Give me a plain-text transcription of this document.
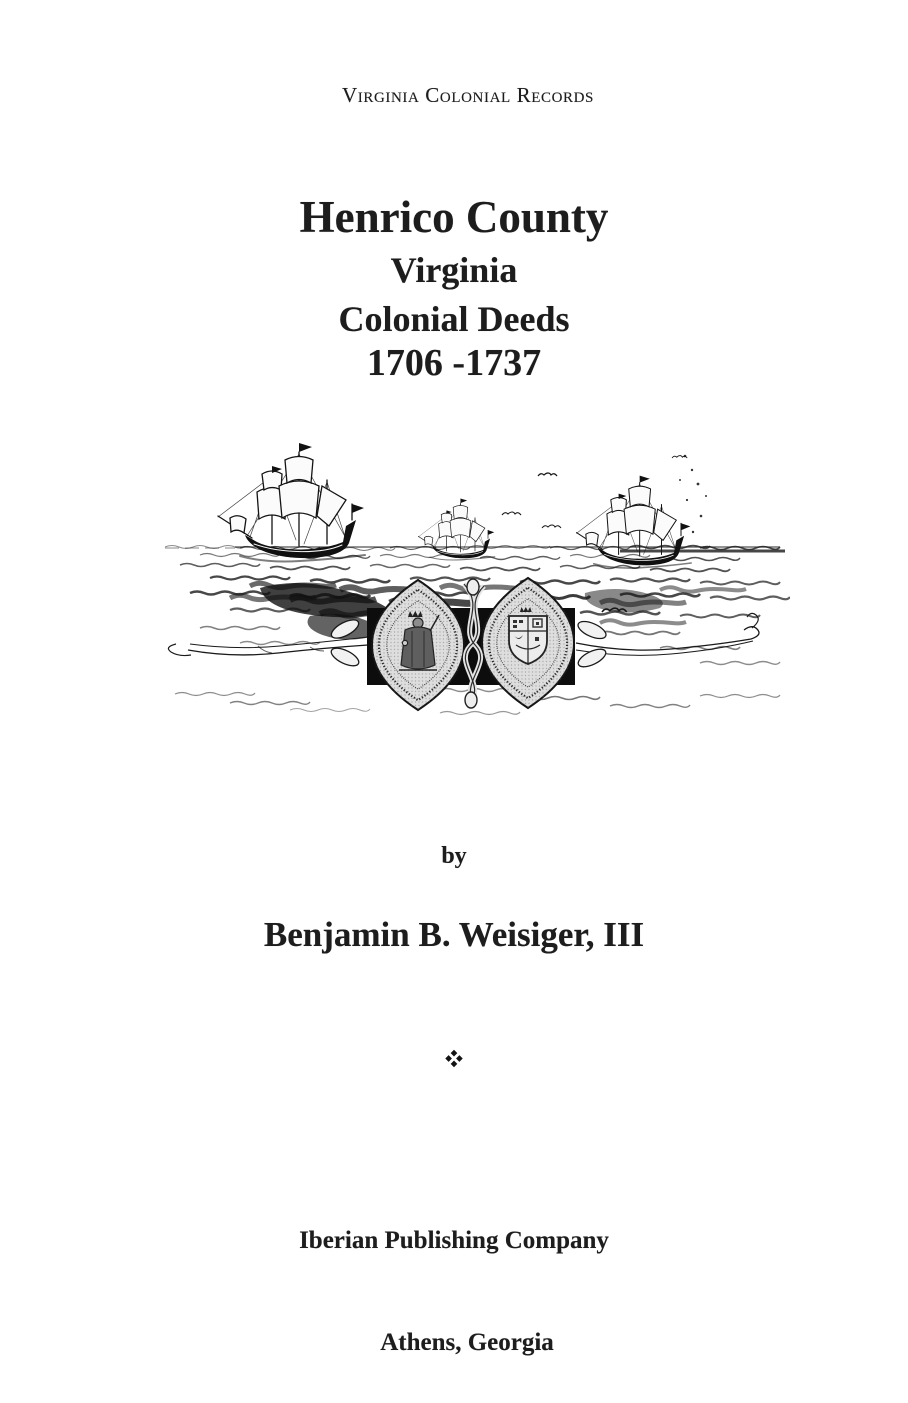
Virginia Colonial Records
Henrico County
Virginia
Colonial Deeds
1706 -1737
by
Benjamin B. Weisiger, III

Iberian Publishing Company

Athens, Georgia
